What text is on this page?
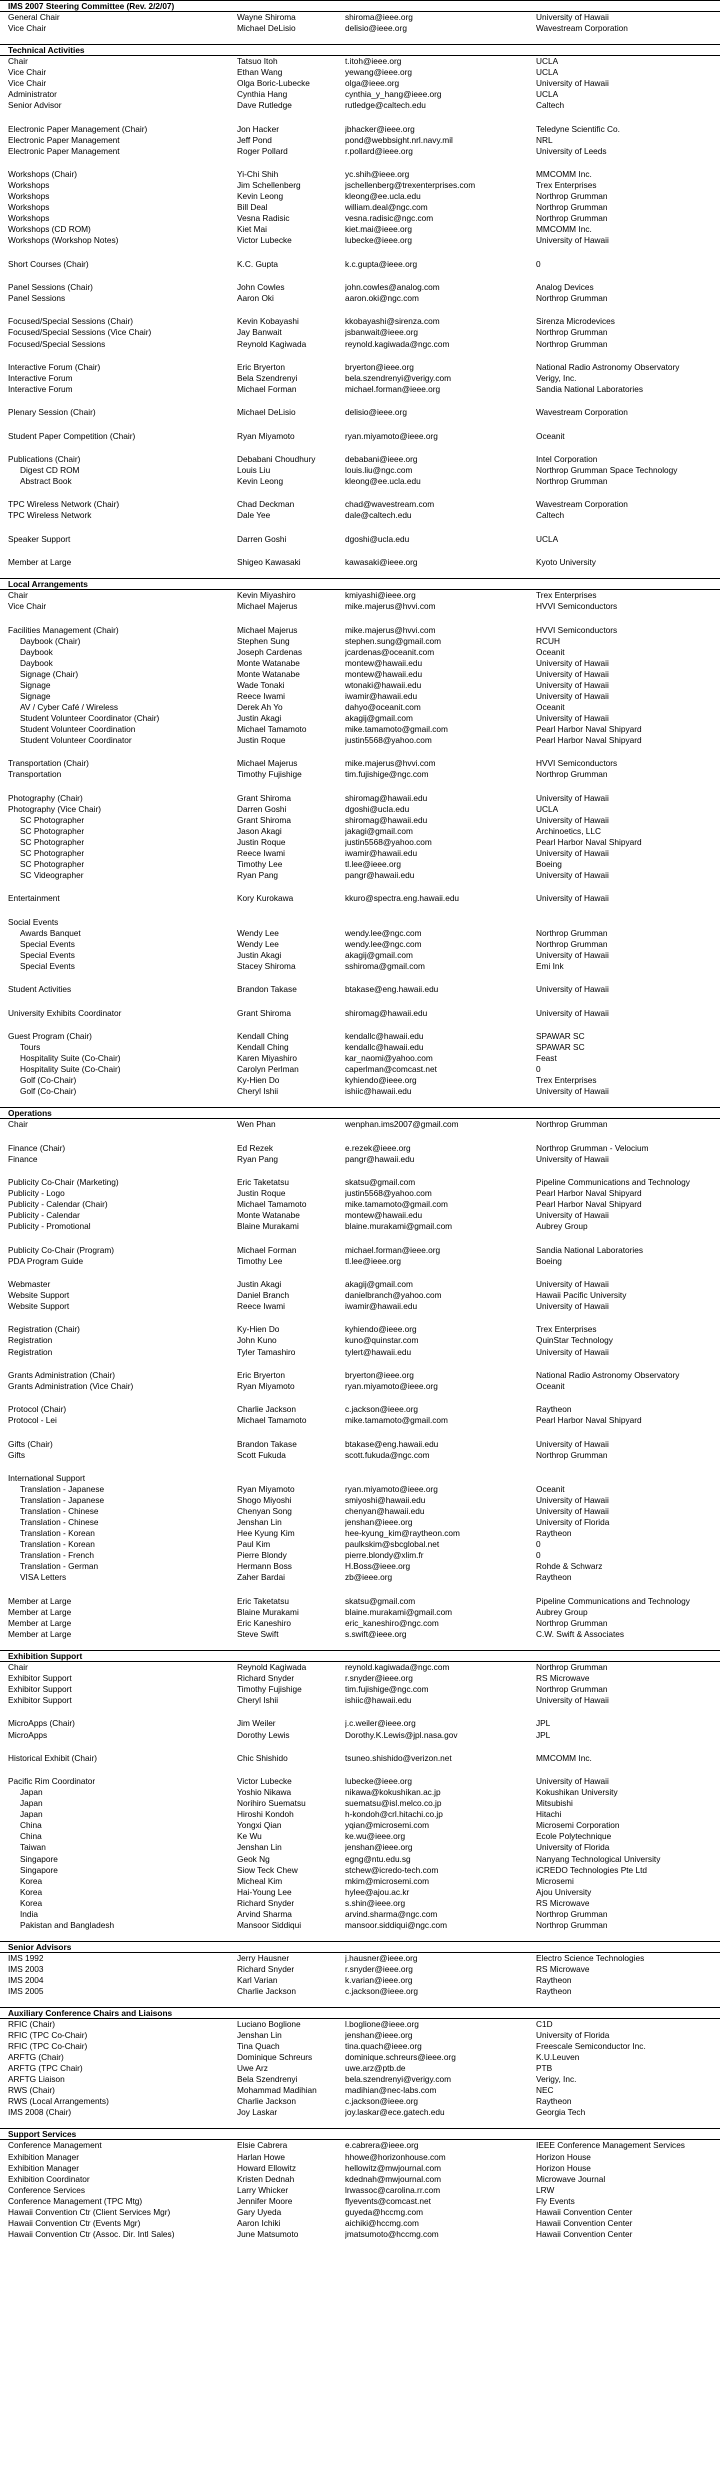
IMS 2007 Steering Committee (Rev. 2/2/07)
General Chair	Wayne Shiroma	shiroma@ieee.org	University of Hawaii
Vice Chair	Michael DeLisio	delisio@ieee.org	Wavestream Corporation
Technical Activities
Chair	Tatsuo Itoh	t.itoh@ieee.org	UCLA
Vice Chair	Ethan Wang	yewang@ieee.org	UCLA
Vice Chair	Olga Boric-Lubecke	olga@ieee.org	University of Hawaii
Administrator	Cynthia Hang	cynthia_y_hang@ieee.org	UCLA
Senior Advisor	Dave Rutledge	rutledge@caltech.edu	Caltech
Electronic Paper Management (Chair)	Jon Hacker	jbhacker@ieee.org	Teledyne Scientific Co.
Electronic Paper Management	Jeff Pond	pond@webbsight.nrl.navy.mil	NRL
Electronic Paper Management	Roger Pollard	r.pollard@ieee.org	University of Leeds
Workshops (Chair)	Yi-Chi Shih	yc.shih@ieee.org	MMCOMM Inc.
Workshops	Jim Schellenberg	jschellenberg@trexenterprises.com	Trex Enterprises
Workshops	Kevin Leong	kleong@ee.ucla.edu	Northrop Grumman
Workshops	Bill Deal	william.deal@ngc.com	Northrop Grumman
Workshops	Vesna Radisic	vesna.radisic@ngc.com	Northrop Grumman
Workshops (CD ROM)	Kiet Mai	kiet.mai@ieee.org	MMCOMM Inc.
Workshops (Workshop Notes)	Victor Lubecke	lubecke@ieee.org	University of Hawaii
Short Courses (Chair)	K.C. Gupta	k.c.gupta@ieee.org	0
Panel Sessions (Chair)	John Cowles	john.cowles@analog.com	Analog Devices
Panel Sessions	Aaron Oki	aaron.oki@ngc.com	Northrop Grumman
Focused/Special Sessions (Chair)	Kevin Kobayashi	kkobayashi@sirenza.com	Sirenza Microdevices
Focused/Special Sessions (Vice Chair)	Jay Banwait	jsbanwait@ieee.org	Northrop Grumman
Focused/Special Sessions	Reynold Kagiwada	reynold.kagiwada@ngc.com	Northrop Grumman
Interactive Forum (Chair)	Eric Bryerton	bryerton@ieee.org	National Radio Astronomy Observatory
Interactive Forum	Bela Szendrenyi	bela.szendrenyi@verigy.com	Verigy, Inc.
Interactive Forum	Michael Forman	michael.forman@ieee.org	Sandia National Laboratories
Plenary Session (Chair)	Michael DeLisio	delisio@ieee.org	Wavestream Corporation
Student Paper Competition (Chair)	Ryan Miyamoto	ryan.miyamoto@ieee.org	Oceanit
Publications (Chair)	Debabani Choudhury	debabani@ieee.org	Intel Corporation
Digest CD ROM	Louis Liu	louis.liu@ngc.com	Northrop Grumman Space Technology
Abstract Book	Kevin Leong	kleong@ee.ucla.edu	Northrop Grumman
TPC Wireless Network (Chair)	Chad Deckman	chad@wavestream.com	Wavestream Corporation
TPC Wireless Network	Dale Yee	dale@caltech.edu	Caltech
Speaker Support	Darren Goshi	dgoshi@ucla.edu	UCLA
Member at Large	Shigeo Kawasaki	kawasaki@ieee.org	Kyoto University
Local Arrangements
Chair	Kevin Miyashiro	kmiyashi@ieee.org	Trex Enterprises
Vice Chair	Michael Majerus	mike.majerus@hvvi.com	HVVI Semiconductors
Facilities Management (Chair)	Michael Majerus	mike.majerus@hvvi.com	HVVI Semiconductors
Daybook (Chair)	Stephen Sung	stephen.sung@gmail.com	RCUH
Daybook	Joseph Cardenas	jcardenas@oceanit.com	Oceanit
Daybook	Monte Watanabe	montew@hawaii.edu	University of Hawaii
Signage (Chair)	Monte Watanabe	montew@hawaii.edu	University of Hawaii
Signage	Wade Tonaki	wtonaki@hawaii.edu	University of Hawaii
Signage	Reece Iwami	iwamir@hawaii.edu	University of Hawaii
AV / Cyber Café / Wireless	Derek Ah Yo	dahyo@oceanit.com	Oceanit
Student Volunteer Coordinator (Chair)	Justin Akagi	akagij@gmail.com	University of Hawaii
Student Volunteer Coordination	Michael Tamamoto	mike.tamamoto@gmail.com	Pearl Harbor Naval Shipyard
Student Volunteer Coordinator	Justin Roque	justin5568@yahoo.com	Pearl Harbor Naval Shipyard
Transportation (Chair)	Michael Majerus	mike.majerus@hvvi.com	HVVI Semiconductors
Transportation	Timothy Fujishige	tim.fujishige@ngc.com	Northrop Grumman
Photography (Chair)	Grant Shiroma	shiromag@hawaii.edu	University of Hawaii
Photography (Vice Chair)	Darren Goshi	dgoshi@ucla.edu	UCLA
SC Photographer	Grant Shiroma	shiromag@hawaii.edu	University of Hawaii
SC Photographer	Jason Akagi	jakagi@gmail.com	Archinoetics, LLC
SC Photographer	Justin Roque	justin5568@yahoo.com	Pearl Harbor Naval Shipyard
SC Photographer	Reece Iwami	iwamir@hawaii.edu	University of Hawaii
SC Photographer	Timothy Lee	tl.lee@ieee.org	Boeing
SC Videographer	Ryan Pang	pangr@hawaii.edu	University of Hawaii
Entertainment	Kory Kurokawa	kkuro@spectra.eng.hawaii.edu	University of Hawaii
Social Events
Awards Banquet	Wendy Lee	wendy.lee@ngc.com	Northrop Grumman
Special Events	Wendy Lee	wendy.lee@ngc.com	Northrop Grumman
Special Events	Justin Akagi	akagij@gmail.com	University of Hawaii
Special Events	Stacey Shiroma	sshiroma@gmail.com	Emi Ink
Student Activities	Brandon Takase	btakase@eng.hawaii.edu	University of Hawaii
University Exhibits Coordinator	Grant Shiroma	shiromag@hawaii.edu	University of Hawaii
Guest Program (Chair)	Kendall Ching	kendallc@hawaii.edu	SPAWAR SC
Tours	Kendall Ching	kendallc@hawaii.edu	SPAWAR SC
Hospitality Suite (Co-Chair)	Karen Miyashiro	kar_naomi@yahoo.com	Feast
Hospitality Suite (Co-Chair)	Carolyn Perlman	caperlman@comcast.net	0
Golf (Co-Chair)	Ky-Hien Do	kyhiendo@ieee.org	Trex Enterprises
Golf (Co-Chair)	Cheryl Ishii	ishiic@hawaii.edu	University of Hawaii
Operations
Chair	Wen Phan	wenphan.ims2007@gmail.com	Northrop Grumman
Finance (Chair)	Ed Rezek	e.rezek@ieee.org	Northrop Grumman - Velocium
Finance	Ryan Pang	pangr@hawaii.edu	University of Hawaii
Publicity Co-Chair (Marketing)	Eric Taketatsu	skatsu@gmail.com	Pipeline Communications and Technology
Publicity - Logo	Justin Roque	justin5568@yahoo.com	Pearl Harbor Naval Shipyard
Publicity - Calendar (Chair)	Michael Tamamoto	mike.tamamoto@gmail.com	Pearl Harbor Naval Shipyard
Publicity - Calendar	Monte Watanabe	montew@hawaii.edu	University of Hawaii
Publicity - Promotional	Blaine Murakami	blaine.murakami@gmail.com	Aubrey Group
Publicity Co-Chair (Program)	Michael Forman	michael.forman@ieee.org	Sandia National Laboratories
PDA Program Guide	Timothy Lee	tl.lee@ieee.org	Boeing
Webmaster	Justin Akagi	akagij@gmail.com	University of Hawaii
Website Support	Daniel Branch	danielbranch@yahoo.com	Hawaii Pacific University
Website Support	Reece Iwami	iwamir@hawaii.edu	University of Hawaii
Registration (Chair)	Ky-Hien Do	kyhiendo@ieee.org	Trex Enterprises
Registration	John Kuno	kuno@quinstar.com	QuinStar Technology
Registration	Tyler Tamashiro	tylert@hawaii.edu	University of Hawaii
Grants Administration (Chair)	Eric Bryerton	bryerton@ieee.org	National Radio Astronomy Observatory
Grants Administration (Vice Chair)	Ryan Miyamoto	ryan.miyamoto@ieee.org	Oceanit
Protocol (Chair)	Charlie Jackson	c.jackson@ieee.org	Raytheon
Protocol - Lei	Michael Tamamoto	mike.tamamoto@gmail.com	Pearl Harbor Naval Shipyard
Gifts (Chair)	Brandon Takase	btakase@eng.hawaii.edu	University of Hawaii
Gifts	Scott Fukuda	scott.fukuda@ngc.com	Northrop Grumman
International Support
Translation - Japanese	Ryan Miyamoto	ryan.miyamoto@ieee.org	Oceanit
Translation - Japanese	Shogo Miyoshi	smiyoshi@hawaii.edu	University of Hawaii
Translation - Chinese	Chenyan Song	chenyan@hawaii.edu	University of Hawaii
Translation - Chinese	Jenshan Lin	jenshan@ieee.org	University of Florida
Translation - Korean	Hee Kyung Kim	hee-kyung_kim@raytheon.com	Raytheon
Translation - Korean	Paul Kim	paulkskim@sbcglobal.net	0
Translation - French	Pierre Blondy	pierre.blondy@xlim.fr	0
Translation - German	Hermann Boss	H.Boss@ieee.org	Rohde & Schwarz
VISA Letters	Zaher Bardai	zb@ieee.org	Raytheon
Member at Large	Eric Taketatsu	skatsu@gmail.com	Pipeline Communications and Technology
Member at Large	Blaine Murakami	blaine.murakami@gmail.com	Aubrey Group
Member at Large	Eric Kaneshiro	eric_kaneshiro@ngc.com	Northrop Grumman
Member at Large	Steve Swift	s.swift@ieee.org	C.W. Swift & Associates
Exhibition Support
Chair	Reynold Kagiwada	reynold.kagiwada@ngc.com	Northrop Grumman
Exhibitor Support	Richard Snyder	r.snyder@ieee.org	RS Microwave
Exhibitor Support	Timothy Fujishige	tim.fujishige@ngc.com	Northrop Grumman
Exhibitor Support	Cheryl Ishii	ishiic@hawaii.edu	University of Hawaii
MicroApps (Chair)	Jim Weiler	j.c.weiler@ieee.org	JPL
MicroApps	Dorothy Lewis	Dorothy.K.Lewis@jpl.nasa.gov	JPL
Historical Exhibit (Chair)	Chic Shishido	tsuneo.shishido@verizon.net	MMCOMM Inc.
Pacific Rim Coordinator	Victor Lubecke	lubecke@ieee.org	University of Hawaii
Japan	Yoshio Nikawa	nikawa@kokushikan.ac.jp	Kokushikan University
Japan	Norihiro Suematsu	suematsu@isl.melco.co.jp	Mitsubishi
Japan	Hiroshi Kondoh	h-kondoh@crl.hitachi.co.jp	Hitachi
China	Yongxi Qian	yqian@microsemi.com	Microsemi Corporation
China	Ke Wu	ke.wu@ieee.org	Ecole Polytechnique
Taiwan	Jenshan Lin	jenshan@ieee.org	University of Florida
Singapore	Geok Ng	egng@ntu.edu.sg	Nanyang Technological University
Singapore	Siow Teck Chew	stchew@icredo-tech.com	iCREDO Technologies Pte Ltd
Korea	Micheal Kim	mkim@microsemi.com	Microsemi
Korea	Hai-Young Lee	hylee@ajou.ac.kr	Ajou University
Korea	Richard Snyder	s.shin@ieee.org	RS Microwave
India	Arvind Sharma	arvind.sharma@ngc.com	Northrop Grumman
Pakistan and Bangladesh	Mansoor Siddiqui	mansoor.siddiqui@ngc.com	Northrop Grumman
Senior Advisors
IMS 1992	Jerry Hausner	j.hausner@ieee.org	Electro Science Technologies
IMS 2003	Richard Snyder	r.snyder@ieee.org	RS Microwave
IMS 2004	Karl Varian	k.varian@ieee.org	Raytheon
IMS 2005	Charlie Jackson	c.jackson@ieee.org	Raytheon
Auxiliary Conference Chairs and Liaisons
RFIC (Chair)	Luciano Boglione	l.boglione@ieee.org	C1D
RFIC (TPC Co-Chair)	Jenshan Lin	jenshan@ieee.org	University of Florida
RFIC (TPC Co-Chair)	Tina Quach	tina.quach@ieee.org	Freescale Semiconductor Inc.
ARFTG (Chair)	Dominique Schreurs	dominique.schreurs@ieee.org	K.U.Leuven
ARFTG (TPC Chair)	Uwe Arz	uwe.arz@ptb.de	PTB
ARFTG Liaison	Bela Szendrenyi	bela.szendrenyi@verigy.com	Verigy, Inc.
RWS (Chair)	Mohammad Madihian	madihian@nec-labs.com	NEC
RWS (Local Arrangements)	Charlie Jackson	c.jackson@ieee.org	Raytheon
IMS 2008 (Chair)	Joy Laskar	joy.laskar@ece.gatech.edu	Georgia Tech
Support Services
Conference Management	Elsie Cabrera	e.cabrera@ieee.org	IEEE Conference Management Services
Exhibition Manager	Harlan Howe	hhowe@horizonhouse.com	Horizon House
Exhibition Manager	Howard Ellowitz	hellowitz@mwjournal.com	Horizon House
Exhibition Coordinator	Kristen Dednah	kdednah@mwjournal.com	Microwave Journal
Conference Services	Larry Whicker	lrwassoc@carolina.rr.com	LRW
Conference Management (TPC Mtg)	Jennifer Moore	flyevents@comcast.net	Fly Events
Hawaii Convention Ctr (Client Services Mgr)	Gary Uyeda	guyeda@hccmg.com	Hawaii Convention Center
Hawaii Convention Ctr (Events Mgr)	Aaron Ichiki	aichiki@hccmg.com	Hawaii Convention Center
Hawaii Convention Ctr (Assoc. Dir. Intl Sales)	June Matsumoto	jmatsumoto@hccmg.com	Hawaii Convention Center
